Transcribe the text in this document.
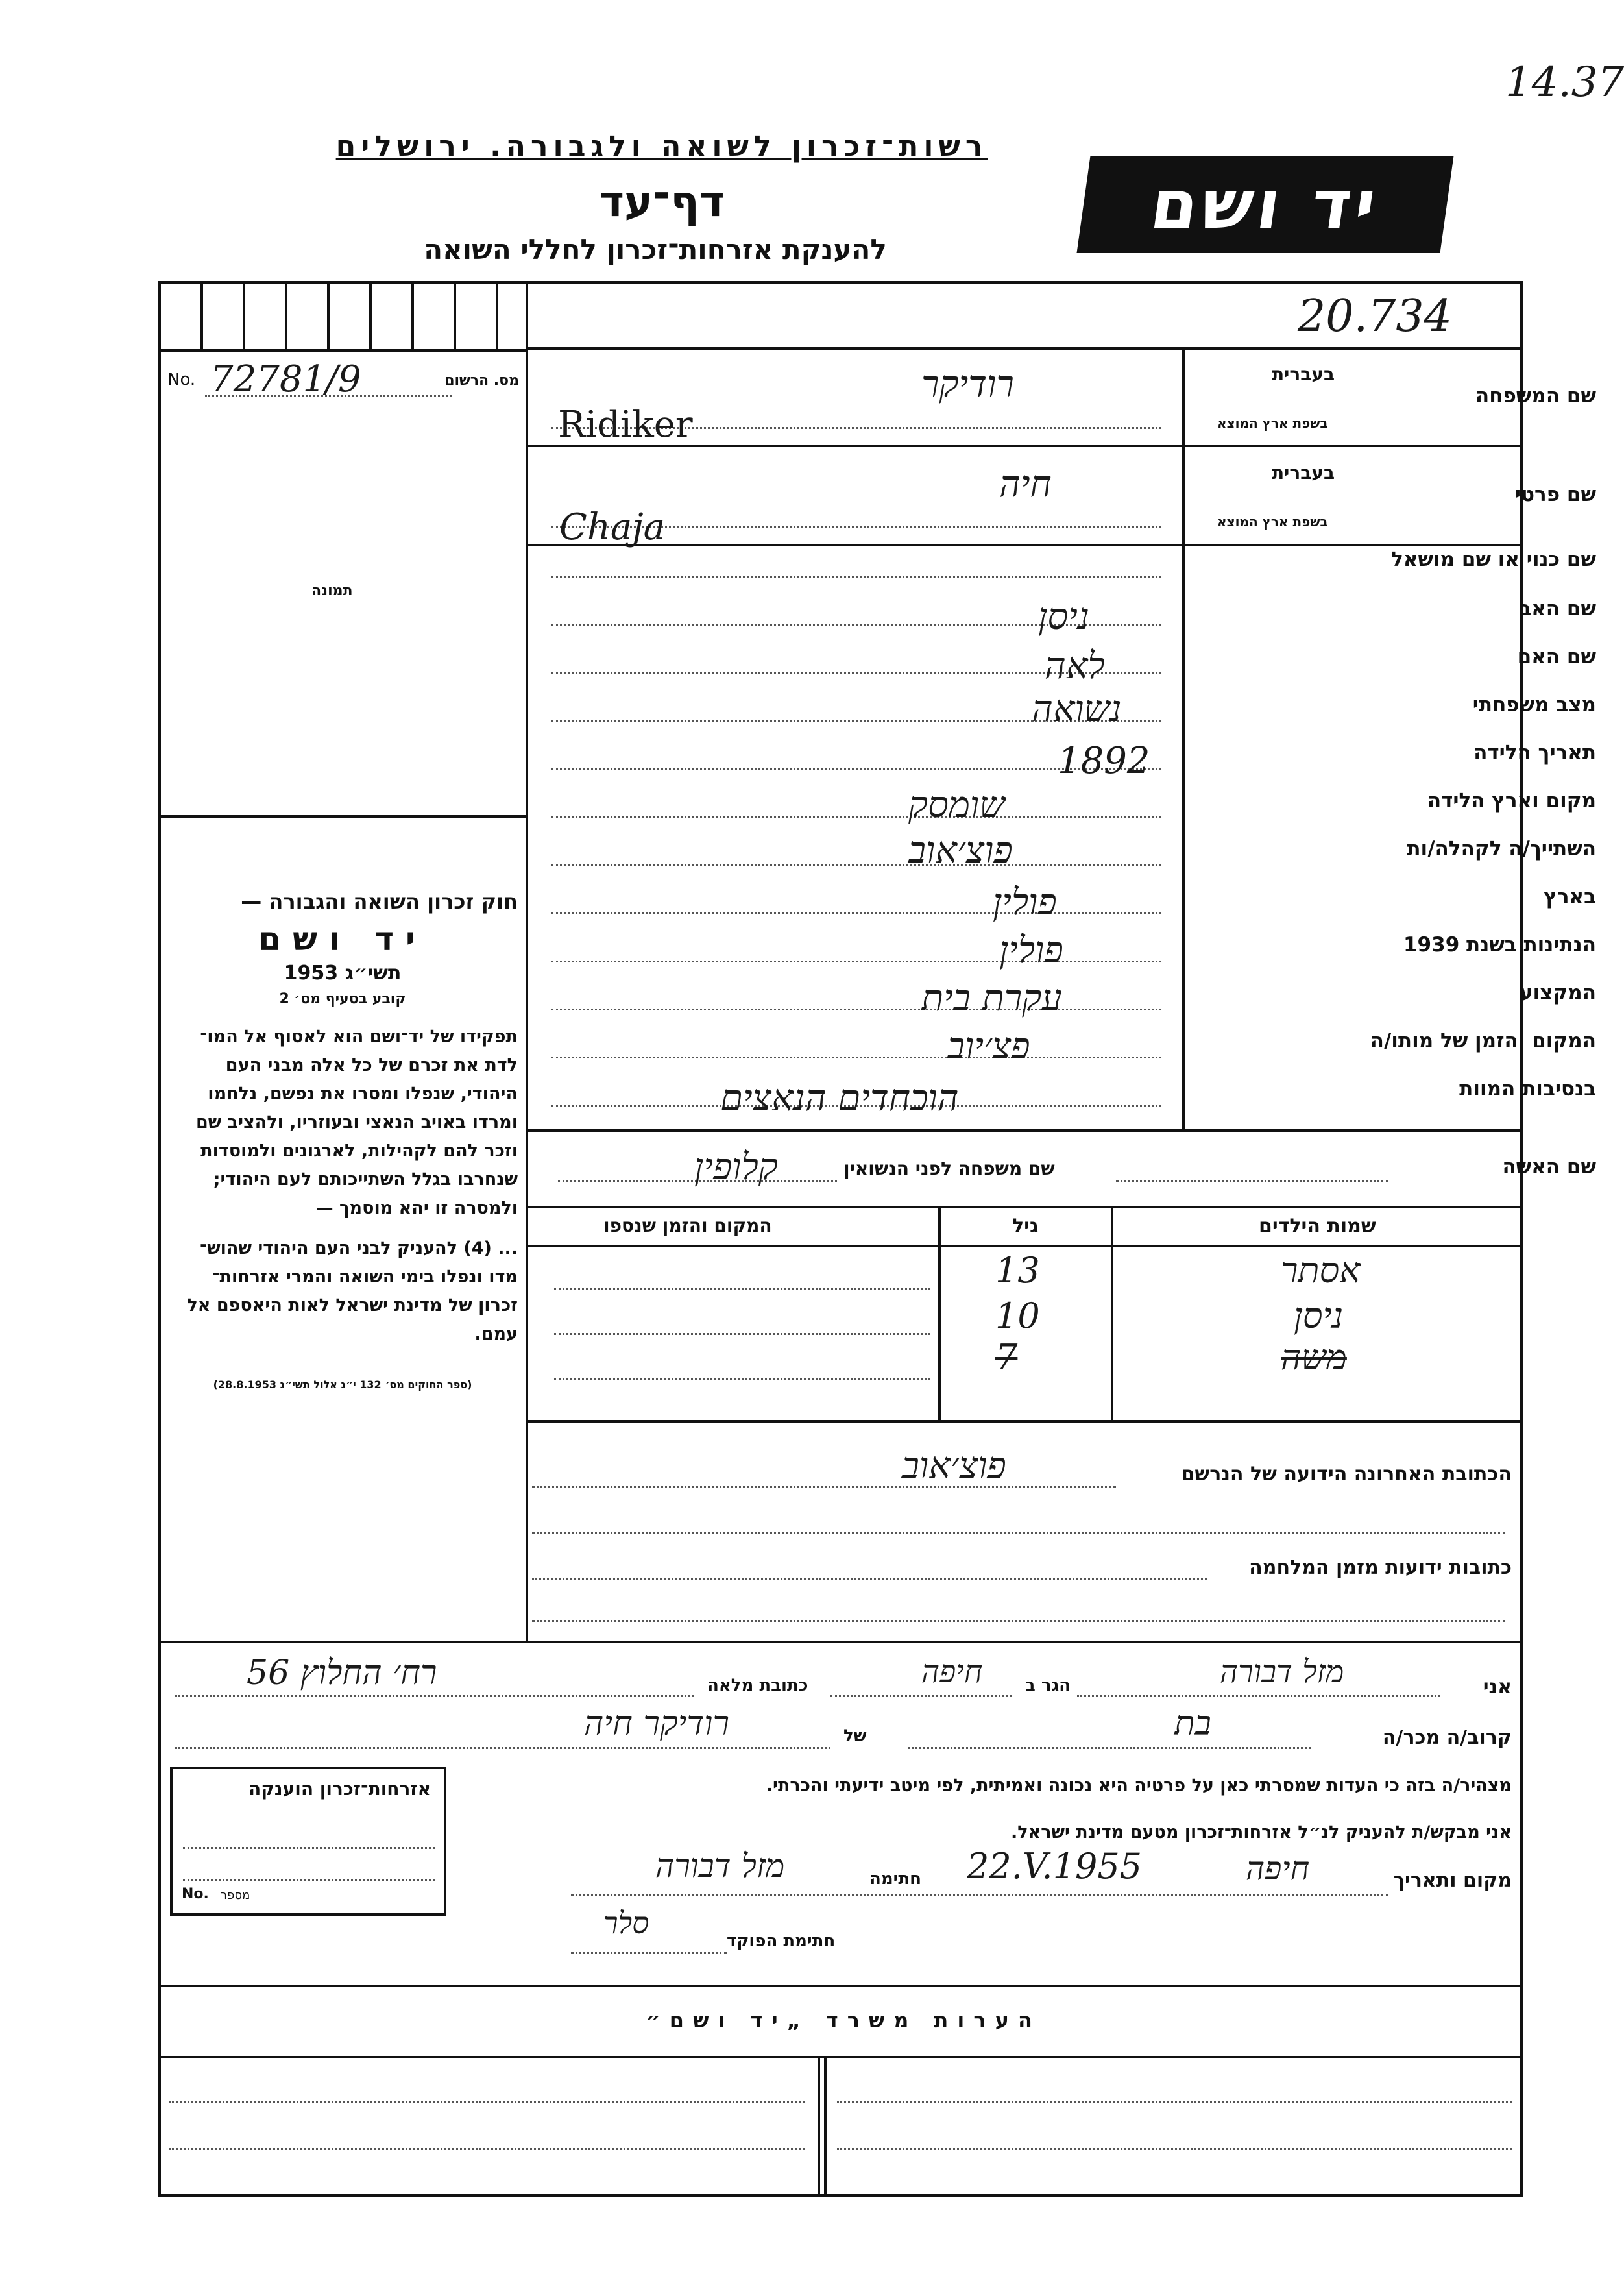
14.37
רשות־זכרון לשואה ולגבורה. ירושלים
דף־עד
להענקת אזרחות־זכרון לחללי השואה
יד ושם
20.734
No. 72781/9	מס. הרשום
תמונה
חוק זכרון השואה והגבורה —
יד ושם
תשי״ג 1953
קובע בסעיף מס׳ 2
תפקידו של יד־ושם הוא לאסוף אל המו־ לדת את זכרם של כל אלה מבני העם היהודי, שנפלו ומסרו את נפשם, נלחמו ומרדו באויב הנאצי ובעוזריו, ולהציב שם וזכר להם לקהילות, לארגונים ולמוסדות שנחרבו בגלל השתייכותם לעם היהודי; ולמסרה זו יהא מוסמך —
... (4) להעניק לבני העם היהודי שהוש־ מדו ונפלו בימי השואה והמרי אזרחות־ זכרון של מדינת ישראל לאות היאספם אל עמם.
(ספר החוקים מס׳ 132 י״ג אלול תשי״ג 28.8.1953)
שם המשפחה
בעברית
בשפת ארץ המוצא
שם פרטי
בעברית
בשפת ארץ המוצא
שם כנוי או שם מושאל
שם האב
שם האם
מצב משפחתי
תאריך הלידה
מקום וארץ הלידה
השתייך/ה לקהלה/ות
בארץ
הנתינות בשנת 1939
המקצוע
המקום והזמן של מותו/ה
בנסיבות המוות
רודיקר
Ridiker
חיה
Chaja
ניסן
לאה
נשואה
1892
שומסק
פוצ׳אוב
פולין
פולין
עקרת בית
פצ׳יוב
הוכחדים הנאצים
שם האשה
שם משפחה לפני הנשואין
קלופין
שמות הילדים
גיל
המקום והזמן שנספו
אסתר
13
ניסן
10
משה
7
הכתובת האחרונה הידועה של הנרשם
פוצ׳אוב
כתובות ידועות מזמן המלחמה
אני
מזל דבורה
הגר ב
חיפה
כתובת מלאה
רח׳ החלוץ 56
קרוב/ה מכר/ה
בת
של
רודיקר חיה
מצהיר/ה בזה כי העדות שמסרתי כאן על פרטיה היא נכונה ואמיתית, לפי מיטב ידיעתי והכרתי.
אני מבקש/ת להעניק לנ״ל אזרחות־זכרון מטעם מדינת ישראל.
מקום ותאריך
חיפה
22.V.1955
חתימה
מזל דבורה
חתימת הפוקד
סלר
אזרחות־זכרון הוענקה
No. מספר
הערות משרד „יד ושם״
